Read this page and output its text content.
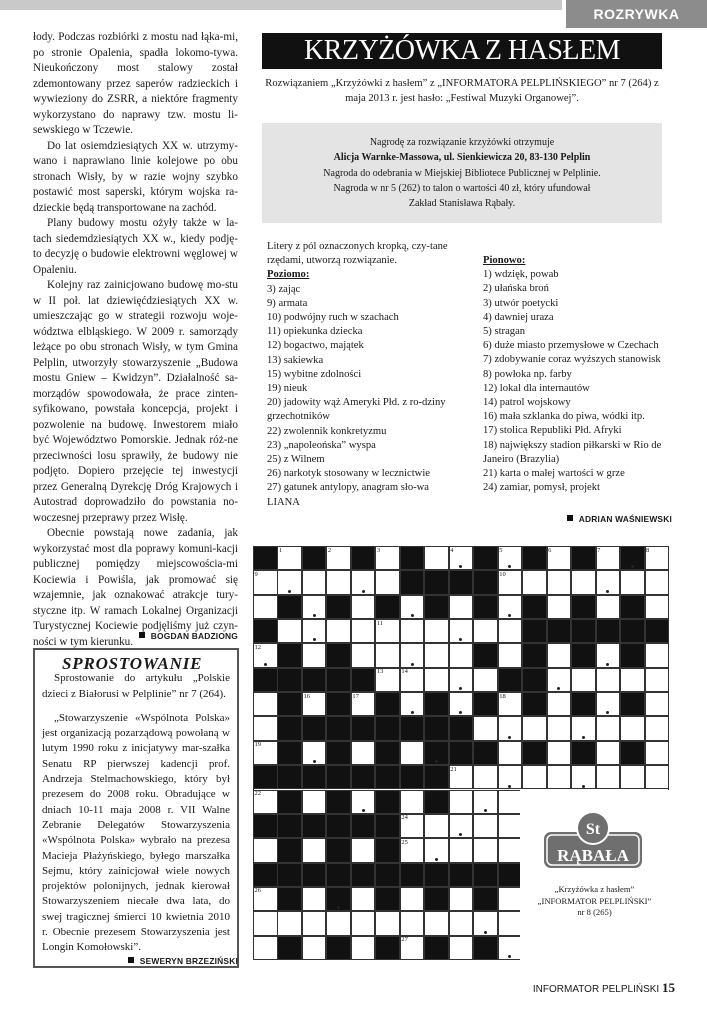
ROZRYWKA

łody. Podczas rozbiórki z mostu nad łąka-mi, po stronie Opalenia, spadła lokomo-tywa. Nieukończony most stalowy został zdemontowany przez saperów radzieckich i wywieziony do ZSRR, a niektóre fragmenty wykorzystano do naprawy tzw. mostu li-sewskiego w Tczewie.

Do lat osiemdziesiątych XX w. utrzymy-wano i naprawiano linie kolejowe po obu stronach Wisły, by w razie wojny szybko postawić most saperski, którym wojska ra-dzieckie będą transportowane na zachód.

Plany budowy mostu ożyły także w la-tach siedemdziesiątych XX w., kiedy podję-to decyzję o budowie elektrowni węglowej w Opaleniu.

Kolejny raz zainicjowano budowę mo-stu w II poł. lat dziewięćdziesiątych XX w. umieszczając go w strategii rozwoju woje-wództwa elbląskiego. W 2009 r. samorządy leżące po obu stronach Wisły, w tym Gmina Pelplin, utworzyły stowarzyszenie „Budowa mostu Gniew – Kwidzyn”. Działalność sa-morządów spowodowała, że prace zinten-syfikowano, powstała koncepcja, projekt i pozwolenie na budowę. Inwestorem miało być Województwo Pomorskie. Jednak róż-ne przeciwności losu sprawiły, że budowy nie podjęto. Dopiero przejęcie tej inwestycji przez Generalną Dyrekcję Dróg Krajowych i Autostrad doprowadziło do powstania no-woczesnej przeprawy przez Wisłę.

Obecnie powstają nowe zadania, jak wykorzystać most dla poprawy komuni-kacji publicznej pomiędzy miejscowościa-mi Kociewia i Powiśla, jak promować się wzajemnie, jak oznakować atrakcje tury-styczne itp. W ramach Lokalnej Organizacji Turystycznej Kociewie podjęliśmy już czyn-ności w tym kierunku.	BOGDAN BADZIONG
SPROSTOWANIE

Sprostowanie do artykułu „Polskie dzieci z Białorusi w Pelplinie” nr 7 (264).

„Stowarzyszenie «Wspólnota Polska» jest organizacją pozarządową powołaną w lutym 1990 roku z inicjatywy mar-szałka Senatu RP pierwszej kadencji prof. Andrzeja Stelmachowskiego, który był prezesem do 2008 roku. Obradujące w dniach 10-11 maja 2008 r. VII Walne Zebranie Delegatów Stowarzyszenia «Wspólnota Polska» wybrało na prezesa Macieja Płażyńskiego, byłego marszałka Sejmu, który zainicjował wiele nowych projektów polonijnych, jednak kierował Stowarzyszeniem niecałe dwa lata, do swej tragicznej śmierci 10 kwietnia 2010 r. Obecnie prezesem Stowarzyszenia jest Longin Komołowski”.

SEWERYN BRZEZIŃSKI
KRZYŻÓWKA Z HASŁEM
Rozwiązaniem „Krzyżówki z hasłem” z „INFORMATORA PELPLIŃSKIEGO” nr 7 (264) z maja 2013 r. jest hasło: „Festiwal Muzyki Organowej”.
Nagrodę za rozwiązanie krzyżówki otrzymuje
Alicja Warnke-Massowa, ul. Sienkiewicza 20, 83-130 Pelplin
Nagroda do odebrania w Miejskiej Bibliotece Publicznej w Pelplinie.
Nagroda w nr 5 (262) to talon o wartości 40 zł, który ufundował
Zakład Stanisława Rąbały.
Litery z pól oznaczonych kropką, czy-tane rzędami, utworzą rozwiązanie.
Poziomo:
3) zając
9) armata
10) podwójny ruch w szachach
11) opiekunka dziecka
12) bogactwo, majątek
13) sakiewka
15) wybitne zdolności
19) nieuk
20) jadowity wąż Ameryki Płd. z ro-dziny grzechotników
22) zwolennik konkretyzmu
23) „napoleońska” wyspa
25) z Wilnem
26) narkotyk stosowany w lecznictwie
27) gatunek antylopy, anagram sło-wa LIANA
Pionowo:
1) wdzięk, powab
2) ułańska broń
3) utwór poetycki
4) dawniej uraza
5) stragan
6) duże miasto przemysłowe w Czechach
7) zdobywanie coraz wyższych stanowisk
8) powłoka np. farby
12) lokal dla internautów
14) patrol wojskowy
16) mała szklanka do piwa, wódki itp.
17) stolica Republiki Płd. Afryki
18) największy stadion piłkarski w Rio de Janeiro (Brazylia)
21) karta o małej wartości w grze
24) zamiar, pomysł, projekt
ADRIAN WAŚNIEWSKI
1	2	3	4	5	6	7	8
9	10
11
12
13	14	15
16	17	18
19	20
21
22	23
24
25
26
27
St
RĄBAŁA
„Krzyżówka z hasłem”
„INFORMATOR PELPLIŃSKI”
nr 8 (265)
INFORMATOR PELPLIŃSKI 15
